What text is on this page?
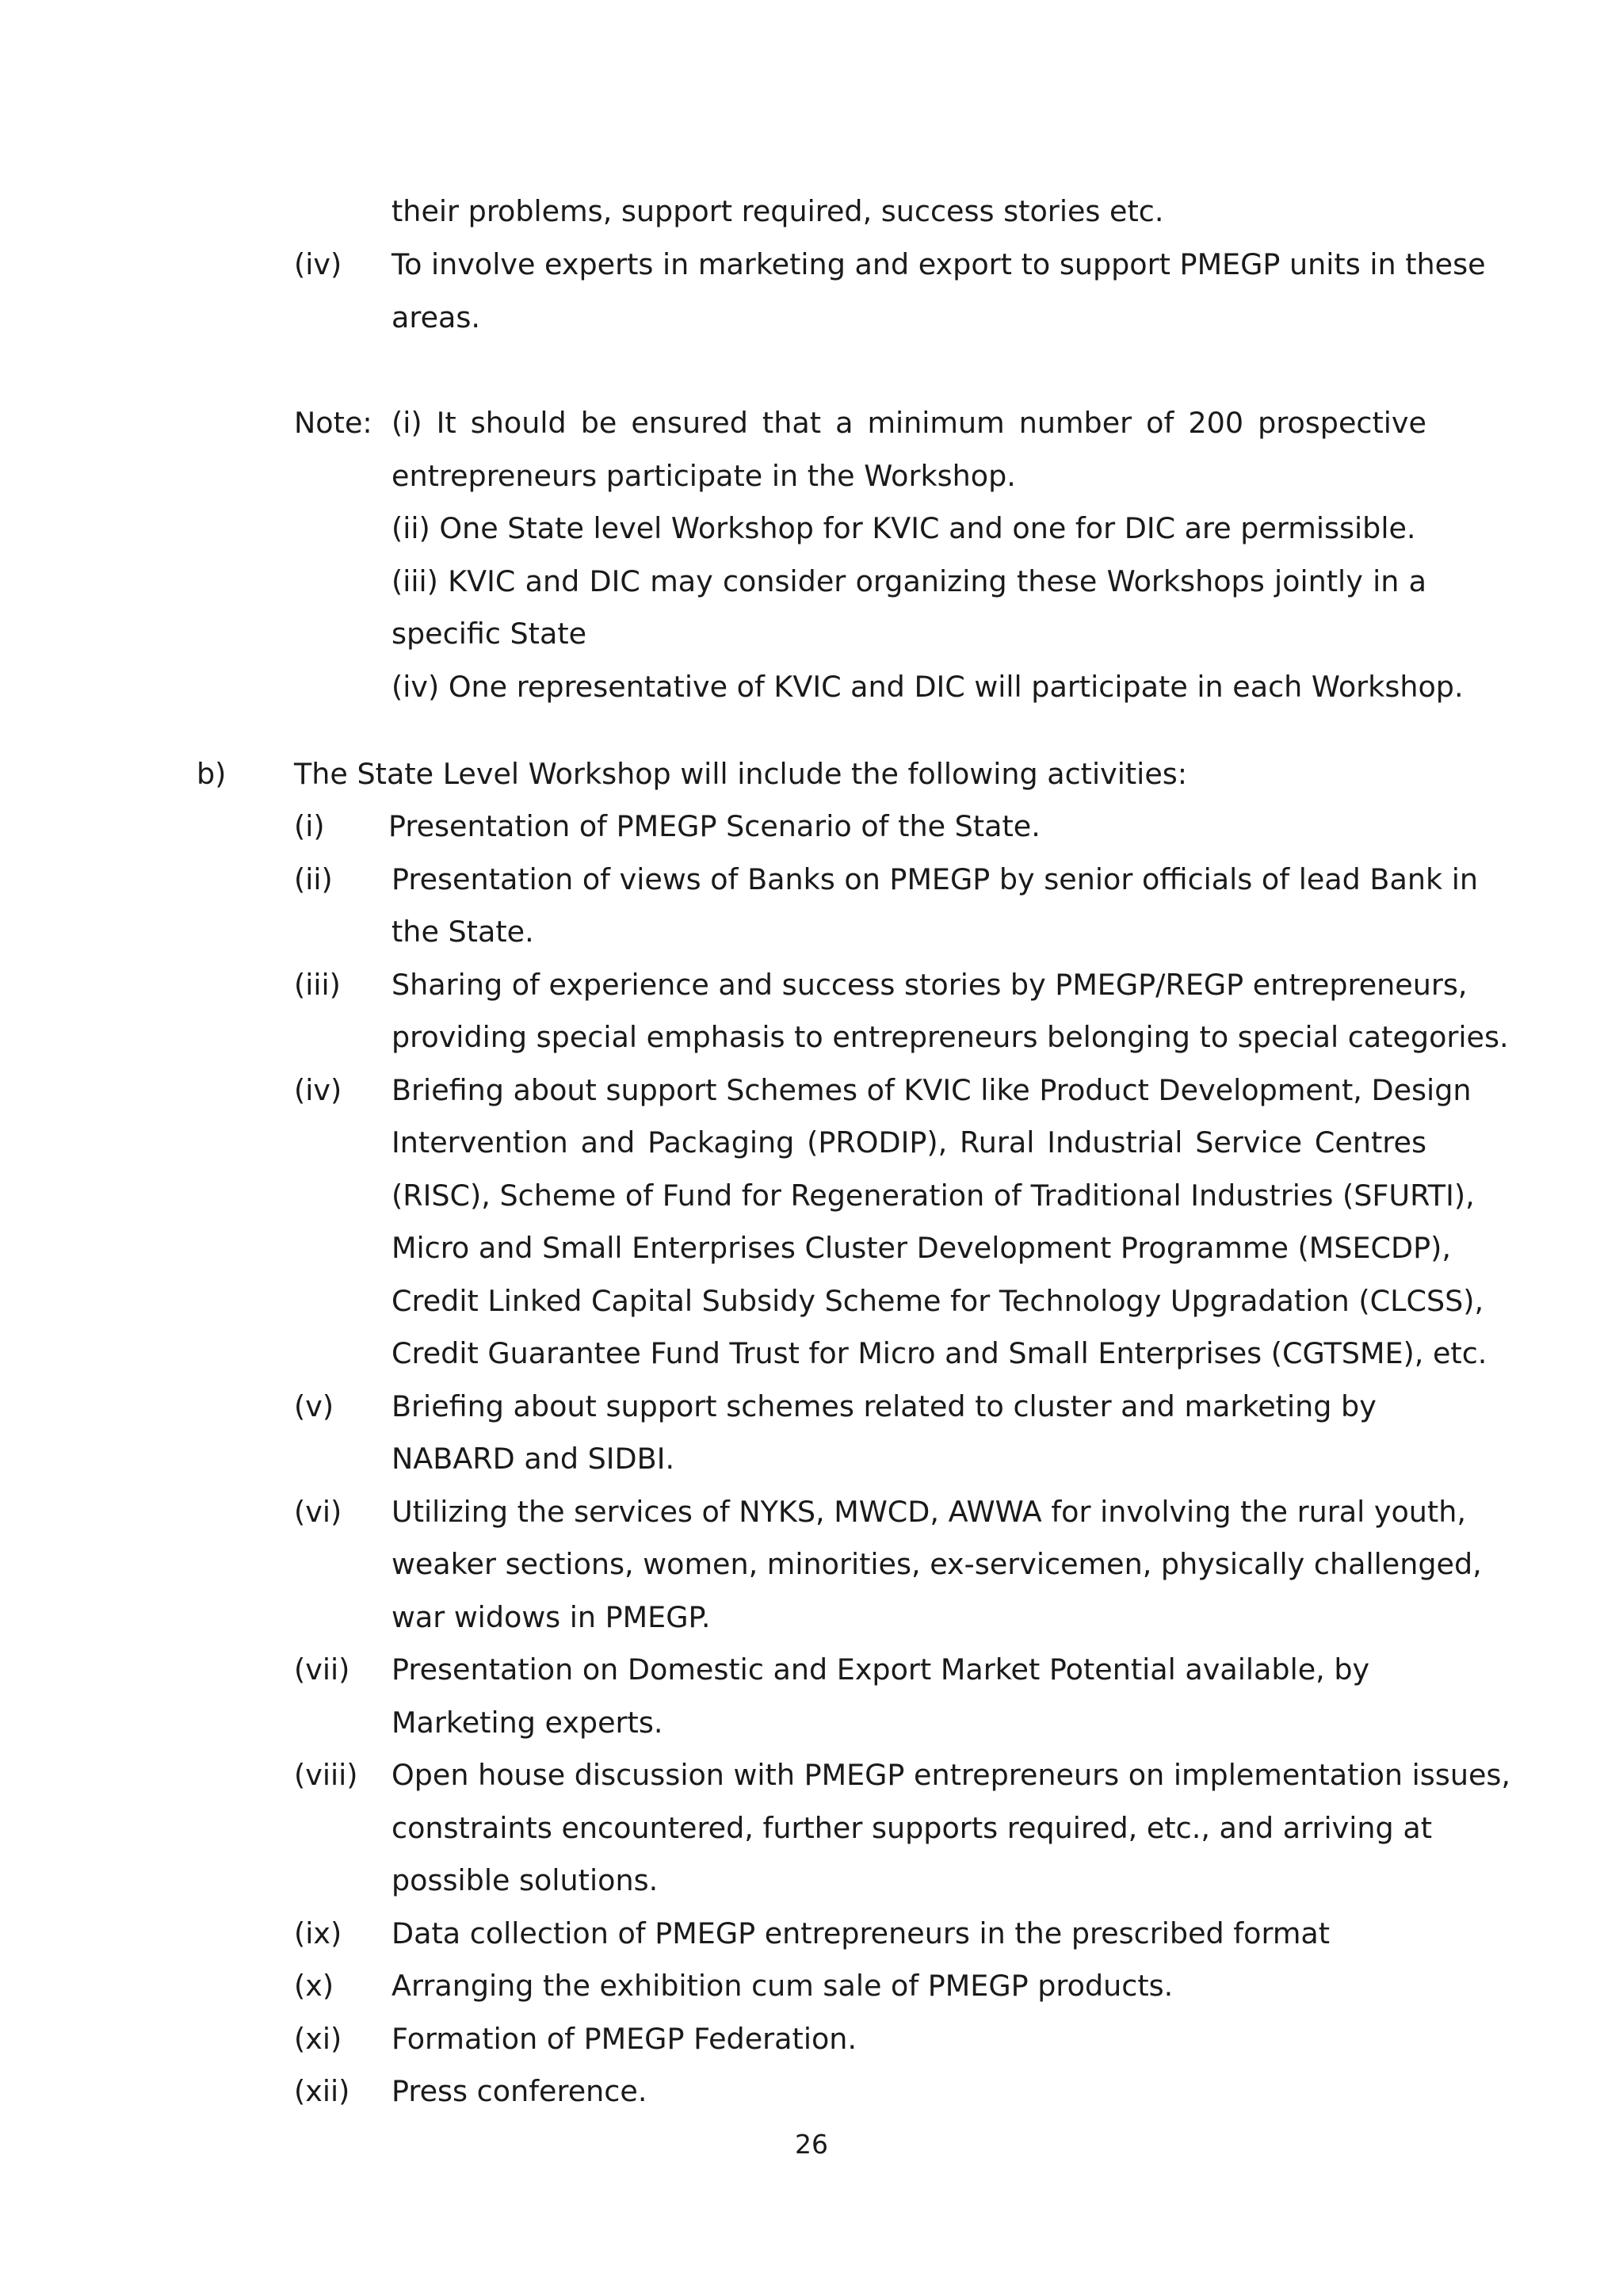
their problems, support required, success stories etc.
(iv) To involve experts in marketing and export to support PMEGP units in these
areas.
Note: (i) It should be ensured that a minimum number of 200 prospective
entrepreneurs participate in the Workshop.
(ii) One State level Workshop for KVIC and one for DIC are permissible.
(iii) KVIC and DIC may consider organizing these Workshops jointly in a
specific State
(iv) One representative of KVIC and DIC will participate in each Workshop.
b) The State Level Workshop will include the following activities:
(i) Presentation of PMEGP Scenario of the State.
(ii) Presentation of views of Banks on PMEGP by senior officials of lead Bank in
the State.
(iii) Sharing of experience and success stories by PMEGP/REGP entrepreneurs,
providing special emphasis to entrepreneurs belonging to special categories.
(iv) Briefing about support Schemes of KVIC like Product Development, Design
Intervention and Packaging (PRODIP), Rural Industrial Service Centres
(RISC), Scheme of Fund for Regeneration of Traditional Industries (SFURTI),
Micro and Small Enterprises Cluster Development Programme (MSECDP),
Credit Linked Capital Subsidy Scheme for Technology Upgradation (CLCSS),
Credit Guarantee Fund Trust for Micro and Small Enterprises (CGTSME), etc.
(v) Briefing about support schemes related to cluster and marketing by
NABARD and SIDBI.
(vi) Utilizing the services of NYKS, MWCD, AWWA for involving the rural youth,
weaker sections, women, minorities, ex-servicemen, physically challenged,
war widows in PMEGP.
(vii) Presentation on Domestic and Export Market Potential available, by
Marketing experts.
(viii) Open house discussion with PMEGP entrepreneurs on implementation issues,
constraints encountered, further supports required, etc., and arriving at
possible solutions.
(ix) Data collection of PMEGP entrepreneurs in the prescribed format
(x) Arranging the exhibition cum sale of PMEGP products.
(xi) Formation of PMEGP Federation.
(xii) Press conference.
26
